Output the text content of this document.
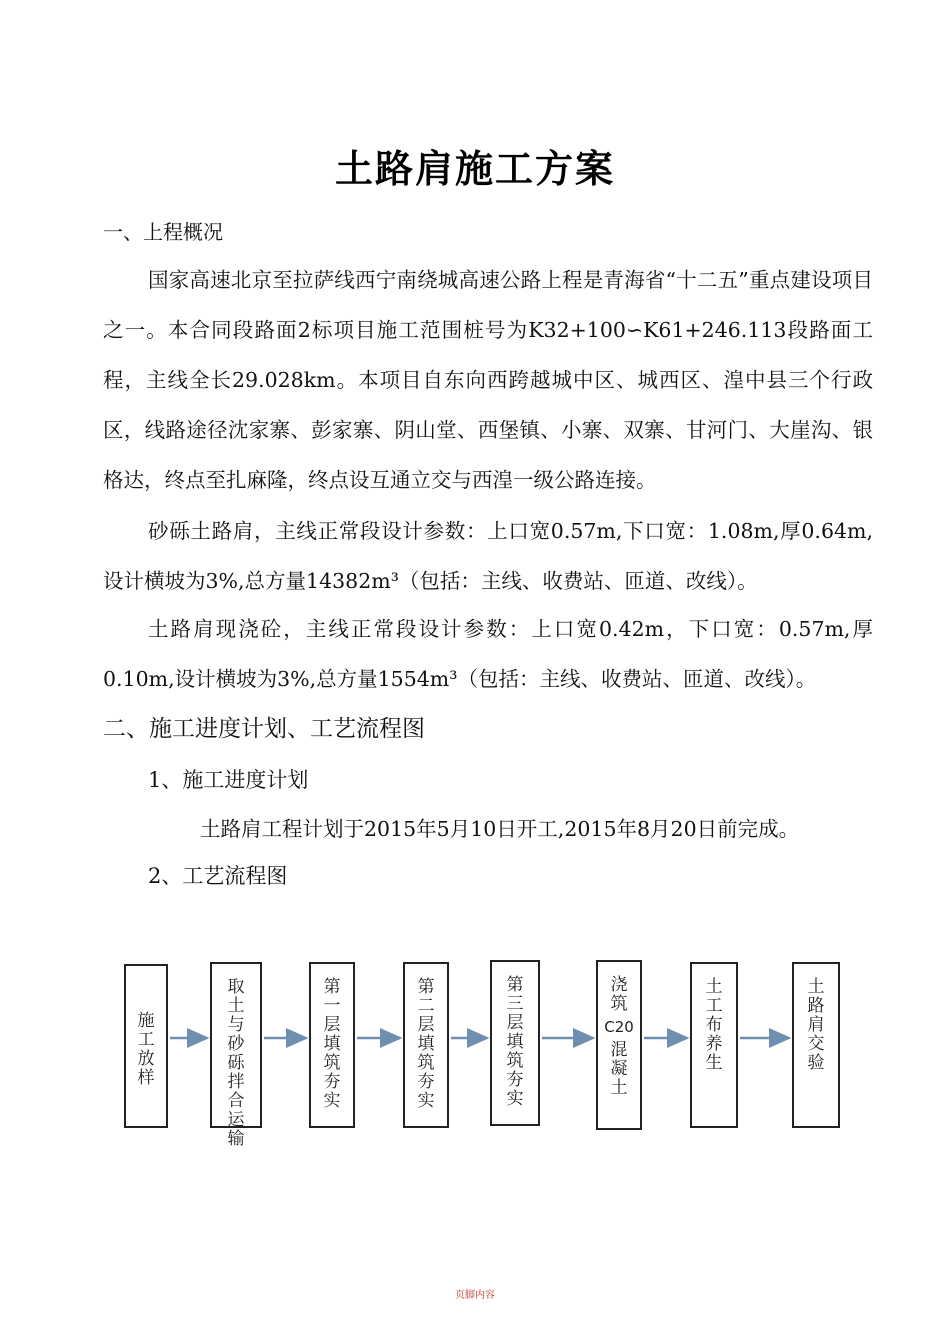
土路肩施工方案
一、上程概况
国家高速北京至拉萨线西宁南绕城高速公路上程是青海省“十二五”重点建设项目之一。本合同段路面2标项目施工范围桩号为K32+100∽K61+246.113段路面工程，主线全长29.028km。本项目自东向西跨越城中区、城西区、湟中县三个行政区，线路途径沈家寨、彭家寨、阴山堂、西堡镇、小寨、双寨、甘河门、大崖沟、银格达，终点至扎麻隆，终点设互通立交与西湟一级公路连接。
砂砾土路肩，主线正常段设计参数：上口宽0.57m,下口宽：1.08m,厚0.64m,设计横坡为3%,总方量14382m³（包括：主线、收费站、匝道、改线）。
土路肩现浇砼，主线正常段设计参数：上口宽0.42m，下口宽：0.57m,厚0.10m,设计横坡为3%,总方量1554m³（包括：主线、收费站、匝道、改线）。
二、施工进度计划、工艺流程图
1、施工进度计划
土路肩工程计划于2015年5月10日开工,2015年8月20日前完成。
2、工艺流程图
施
工
放
样
取
土
与
砂
砾
拌
合
运
输
第
一
层
填
筑
夯
实
第
二
层
填
筑
夯
实
第
三
层
填
筑
夯
实
浇
筑
C20
混
凝
土
土
工
布
养
生
土
路
肩
交
验
页脚内容
